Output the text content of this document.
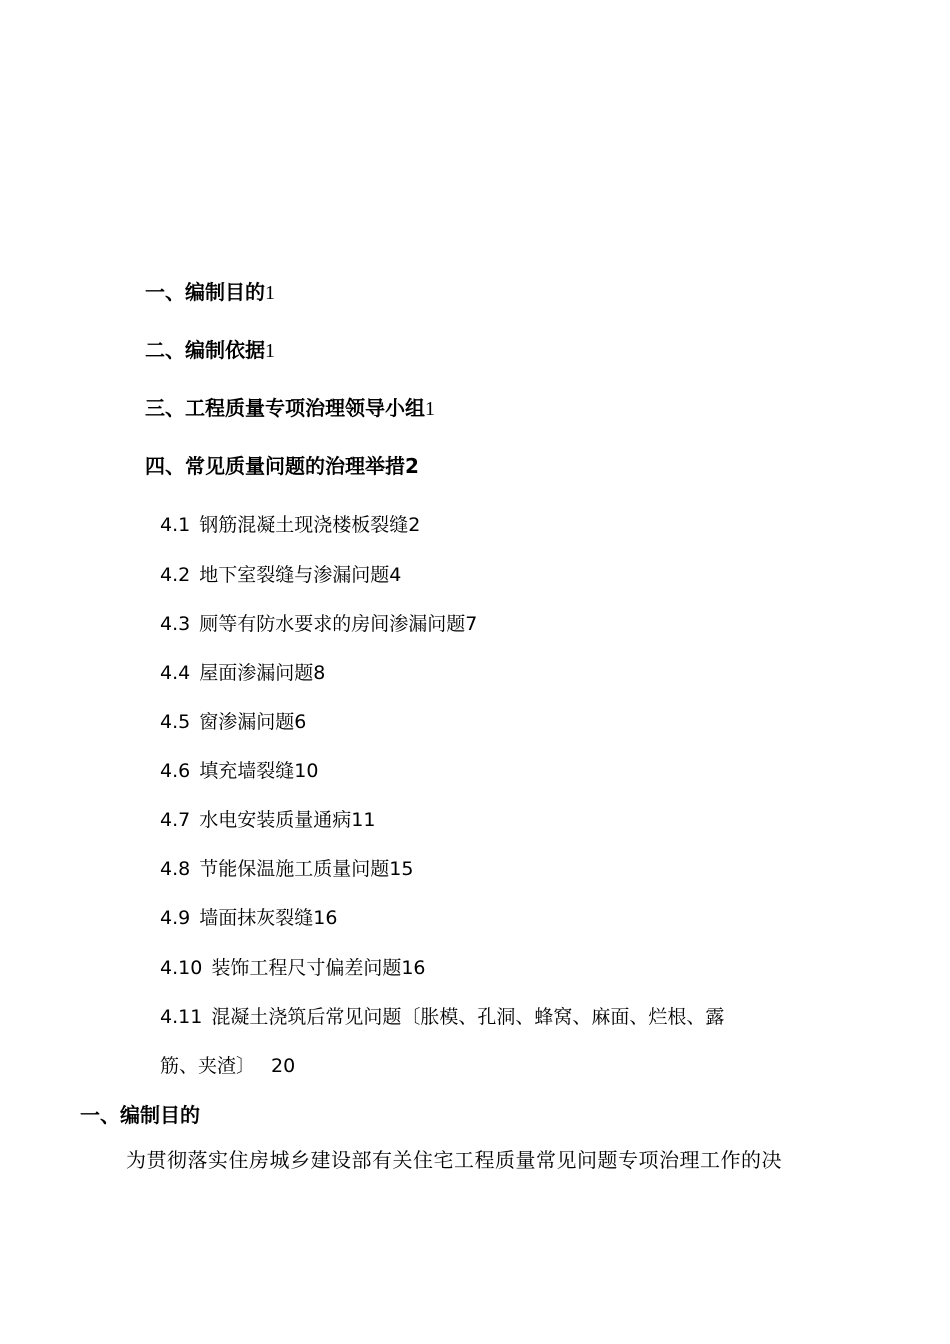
一、编制目的1
二、编制依据1
三、工程质量专项治理领导小组1
四、常见质量问题的治理举措2
4.1 钢筋混凝土现浇楼板裂缝2
4.2 地下室裂缝与渗漏问题4
4.3 厕等有防水要求的房间渗漏问题7
4.4 屋面渗漏问题8
4.5 窗渗漏问题6
4.6 填充墙裂缝10
4.7 水电安装质量通病11
4.8 节能保温施工质量问题15
4.9 墙面抹灰裂缝16
4.10 装饰工程尺寸偏差问题16
4.11 混凝土浇筑后常见问题〔胀模、孔洞、蜂窝、麻面、烂根、露
筋、夹渣〕 20
一、编制目的
为贯彻落实住房城乡建设部有关住宅工程质量常见问题专项治理工作的决
